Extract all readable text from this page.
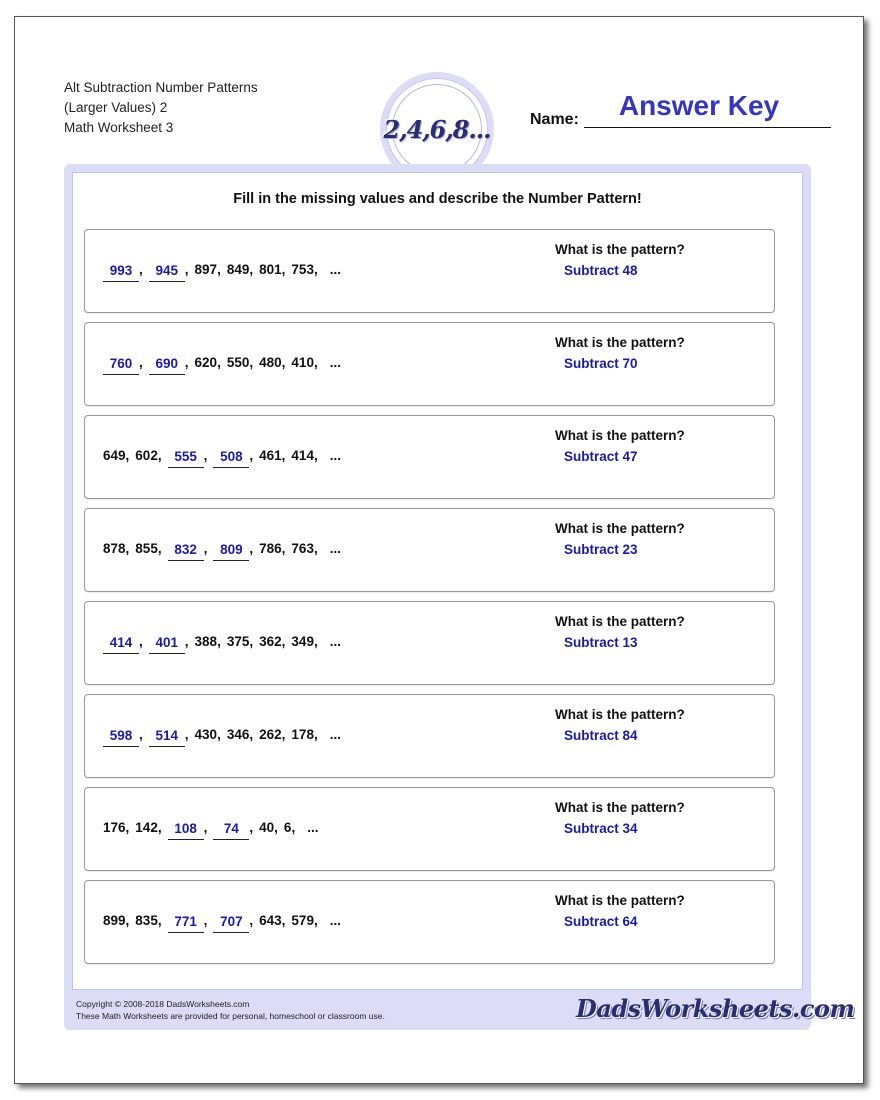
Alt Subtraction Number Patterns
(Larger Values) 2
Math Worksheet 3	2,4,6,8... Name:	Answer Key
Fill in the missing values and describe the Number Pattern!
993 , 945 , 897 , 849 , 801 , 753 , ...
What is the pattern?
Subtract 48
760 , 690 , 620 , 550 , 480 , 410 , ...
What is the pattern?
Subtract 70
649 , 602 , 555 , 508 , 461 , 414 , ...
What is the pattern?
Subtract 47
878 , 855 , 832 , 809 , 786 , 763 , ...
What is the pattern?
Subtract 23
414 , 401 , 388 , 375 , 362 , 349 , ...
What is the pattern?
Subtract 13
598 , 514 , 430 , 346 , 262 , 178 , ...
What is the pattern?
Subtract 84
176 , 142 , 108 ,	74 , 40 , 6 , ...
What is the pattern?
Subtract 34
899 , 835 , 771 , 707 , 643 , 579 , ...
What is the pattern?
Subtract 64
Copyright © 2008-2018 DadsWorksheets.com
These Math Worksheets are provided for personal, homeschool or classroom use.	DadsWorksheets.com
